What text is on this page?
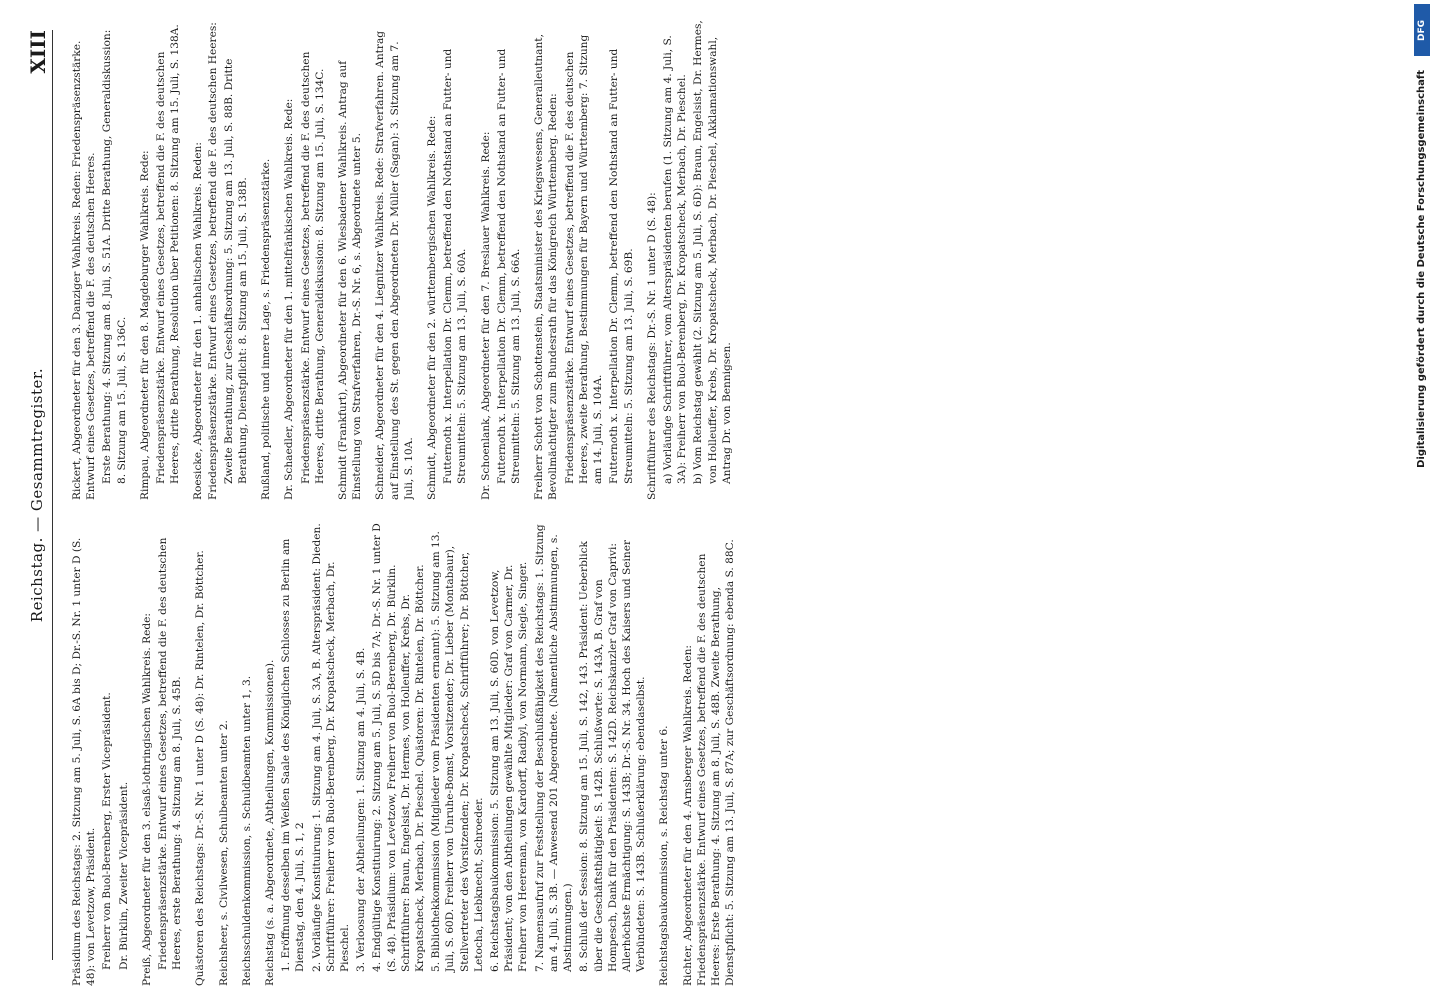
Reichstag. — Gesammtregister.
XIII
Präsidium des Reichstags: 2. Sitzung am 5. Juli, S. 6A bis D; Dr.-S. Nr. 1 unter D (S. 48): von Levetzow, Präsident. Freiherr von Buol-Berenberg, Erster Vicepräsident. Dr. Bürklin, Zweiter Vicepräsident. Preiß, Abgeordneter für den 3. elsaß-lothringischen Wahlkreis. Rede: Friedenspräsenzstärke. Entwurf eines Gesetzes, betreffend die F. des deutschen Heeres, erste Berathung: 4. Sitzung am 8. Juli, S. 45B. Quästoren des Reichstags: Dr.-S. Nr. 1 unter D (S. 48): Dr. Rintelen, Dr. Böttcher. Reichsheer, s. Civilwesen, Schulbeamten unter 2. Reichsschuldenkommission, s. Schuldbeamten unter 1, 3. Reichstag (s. a. Abgeordnete, Abtheilungen, Kommissionen). 1. Eröffnung desselben im Weißen Saale des Königlichen Schlosses zu Berlin am Dienstag, den 4. Juli, S. 1, 2 2. Vorläufige Konstituirung: 1. Sitzung am 4. Juli, S. 3A, B. Alterspräsident: Dieden. Schriftführer: Freiherr von Buol-Berenberg, Dr. Kropatscheck, Merbach, Dr. Pieschel. 3. Verloosung der Abtheilungen: 1. Sitzung am 4. Juli, S. 4B. 4. Endgültige Konstituirung: 2. Sitzung am 5. Juli, S. 5D bis 7A; Dr.-S. Nr. 1 unter D (S. 48). Präsidium: von Levetzow, Freiherr von Buol-Berenberg, Dr. Bürklin. Schriftführer: Braun, Engelsist, Dr. Hermes, von Holleuffer, Krebs, Dr. Kropatscheck, Merbach, Dr. Pieschel. Quästoren: Dr. Rintelen, Dr. Böttcher. 5. Bibliothekkommission (Mitglieder vom Präsidenten ernannt): 5. Sitzung am 13. Juli, S. 60D. Freiherr von Unruhe-Bomst, Vorsitzender; Dr. Lieber (Montabaur), Stellvertreter des Vorsitzenden; Dr. Kropatscheck, Schriftführer; Dr. Böttcher, Letocha, Liebknecht, Schroeder. 6. Reichstagsbaukommission: 5. Sitzung am 13. Juli, S. 60D. von Levetzow, Präsident; von den Abtheilungen gewählte Mitglieder: Graf von Carmer, Dr. Freiherr von Heereman, von Kardorff, Radbyl, von Normann, Siegle, Singer. 7. Namensaufruf zur Feststellung der Beschlußfähigkeit des Reichstags: 1. Sitzung am 4. Juli, S. 3B. — Anwesend 201 Abgeordnete. (Namentliche Abstimmungen, s. Abstimmungen.) 8. Schluß der Session: 8. Sitzung am 15. Juli, S. 142, 143. Präsident: Ueberblick über die Geschäftsthätigkeit: S. 142B. Schlußworte: S. 143A, B. Graf von Hompesch, Dank für den Präsidenten: S. 142D. Reichskanzler Graf von Caprivi: Allerhöchste Ermächtigung: S. 143B; Dr.-S. Nr. 34. Hoch des Kaisers und Seiner Verbündeten: S. 143B. Schlußerklärung: ebendaselbst. Reichstagsbaukommission, s. Reichstag unter 6. Richter, Abgeordneter für den 4. Arnsberger Wahlkreis. Reden: Friedenspräsenzstärke. Entwurf eines Gesetzes, betreffend die F. des deutschen Heeres: Erste Berathung: 4. Sitzung am 8. Juli, S. 48B. Zweite Berathung, Dienstpflicht: 5. Sitzung am 13. Juli, S. 87A; zur Geschäftsordnung: ebenda S. 88C.
Rickert, Abgeordneter für den 3. Danziger Wahlkreis. Reden: Friedenspräsenzstärke. Entwurf eines Gesetzes, betreffend die F. des deutschen Heeres. Erste Berathung: 4. Sitzung am 8. Juli, S. 51A. Dritte Berathung, Generaldiskussion: 8. Sitzung am 15. Juli, S. 136C. Rimpau, Abgeordneter für den 8. Magdeburger Wahlkreis. Rede: Friedenspräsenzstärke. Entwurf eines Gesetzes, betreffend die F. des deutschen Heeres, dritte Berathung, Resolution über Petitionen: 8. Sitzung am 15. Juli, S. 138A. Roesicke, Abgeordneter für den 1. anhaltischen Wahlkreis. Reden: Friedenspräsenzstärke. Entwurf eines Gesetzes, betreffend die F. des deutschen Heeres: Zweite Berathung, zur Geschäftsordnung: 5. Sitzung am 13. Juli, S. 88B. Dritte Berathung, Dienstpflicht: 8. Sitzung am 15. Juli, S. 138B. Rußland, politische und innere Lage, s. Friedenspräsenzstärke. Dr. Schaedler, Abgeordneter für den 1. mittelfränkischen Wahlkreis. Rede: Friedenspräsenzstärke. Entwurf eines Gesetzes, betreffend die F. des deutschen Heeres, dritte Berathung, Generaldiskussion: 8. Sitzung am 15. Juli, S. 134C. Schmidt (Frankfurt), Abgeordneter für den 6. Wiesbadener Wahlkreis. Antrag auf Einstellung von Strafverfahren, Dr.-S. Nr. 6, s. Abgeordnete unter 5. Schneider, Abgeordneter für den 4. Liegnitzer Wahlkreis. Rede: Strafverfahren. Antrag auf Einstellung des St. gegen den Abgeordneten Dr. Müller (Sagan): 3. Sitzung am 7. Juli, S. 10A. Schmidt, Abgeordneter für den 2. württembergischen Wahlkreis. Rede: Futternoth x. Interpellation Dr. Clemm, betreffend den Nothstand an Futter- und Streumitteln: 5. Sitzung am 13. Juli, S. 60A. Dr. Schoenlank, Abgeordneter für den 7. Breslauer Wahlkreis. Rede: Futternoth x. Interpellation Dr. Clemm, betreffend den Nothstand an Futter- und Streumitteln: 5. Sitzung am 13. Juli, S. 66A. Freiherr Schott von Schottenstein, Staatsminister des Kriegswesens, Generalleutnant, Bevollmächtigter zum Bundesrath für das Königreich Württemberg. Reden: Friedenspräsenzstärke. Entwurf eines Gesetzes, betreffend die F. des deutschen Heeres, zweite Berathung, Bestimmungen für Bayern und Württemberg: 7. Sitzung am 14. Juli, S. 104A. Futternoth x. Interpellation Dr. Clemm, betreffend den Nothstand an Futter- und Streumitteln: 5. Sitzung am 13. Juli, S. 69B. Schriftführer des Reichstags: Dr.-S. Nr. 1 unter D (S. 48): a) Vorläufige Schriftführer, vom Alterspräsidenten berufen (1. Sitzung am 4. Juli, S. 3A): Freiherr von Buol-Berenberg, Dr. Kropatscheck, Merbach, Dr. Pieschel. b) Vom Reichstag gewählt (2. Sitzung am 5. Juli, S. 6D): Braun, Engelsist, Dr. Hermes, von Holleuffer, Krebs, Dr. Kropatscheck, Merbach, Dr. Pieschel, Akklamationswahl, Antrag Dr. von Bennigsen.	Digitalisierung gefördert durch die Deutsche Forschungsgemeinschaft
DFG
